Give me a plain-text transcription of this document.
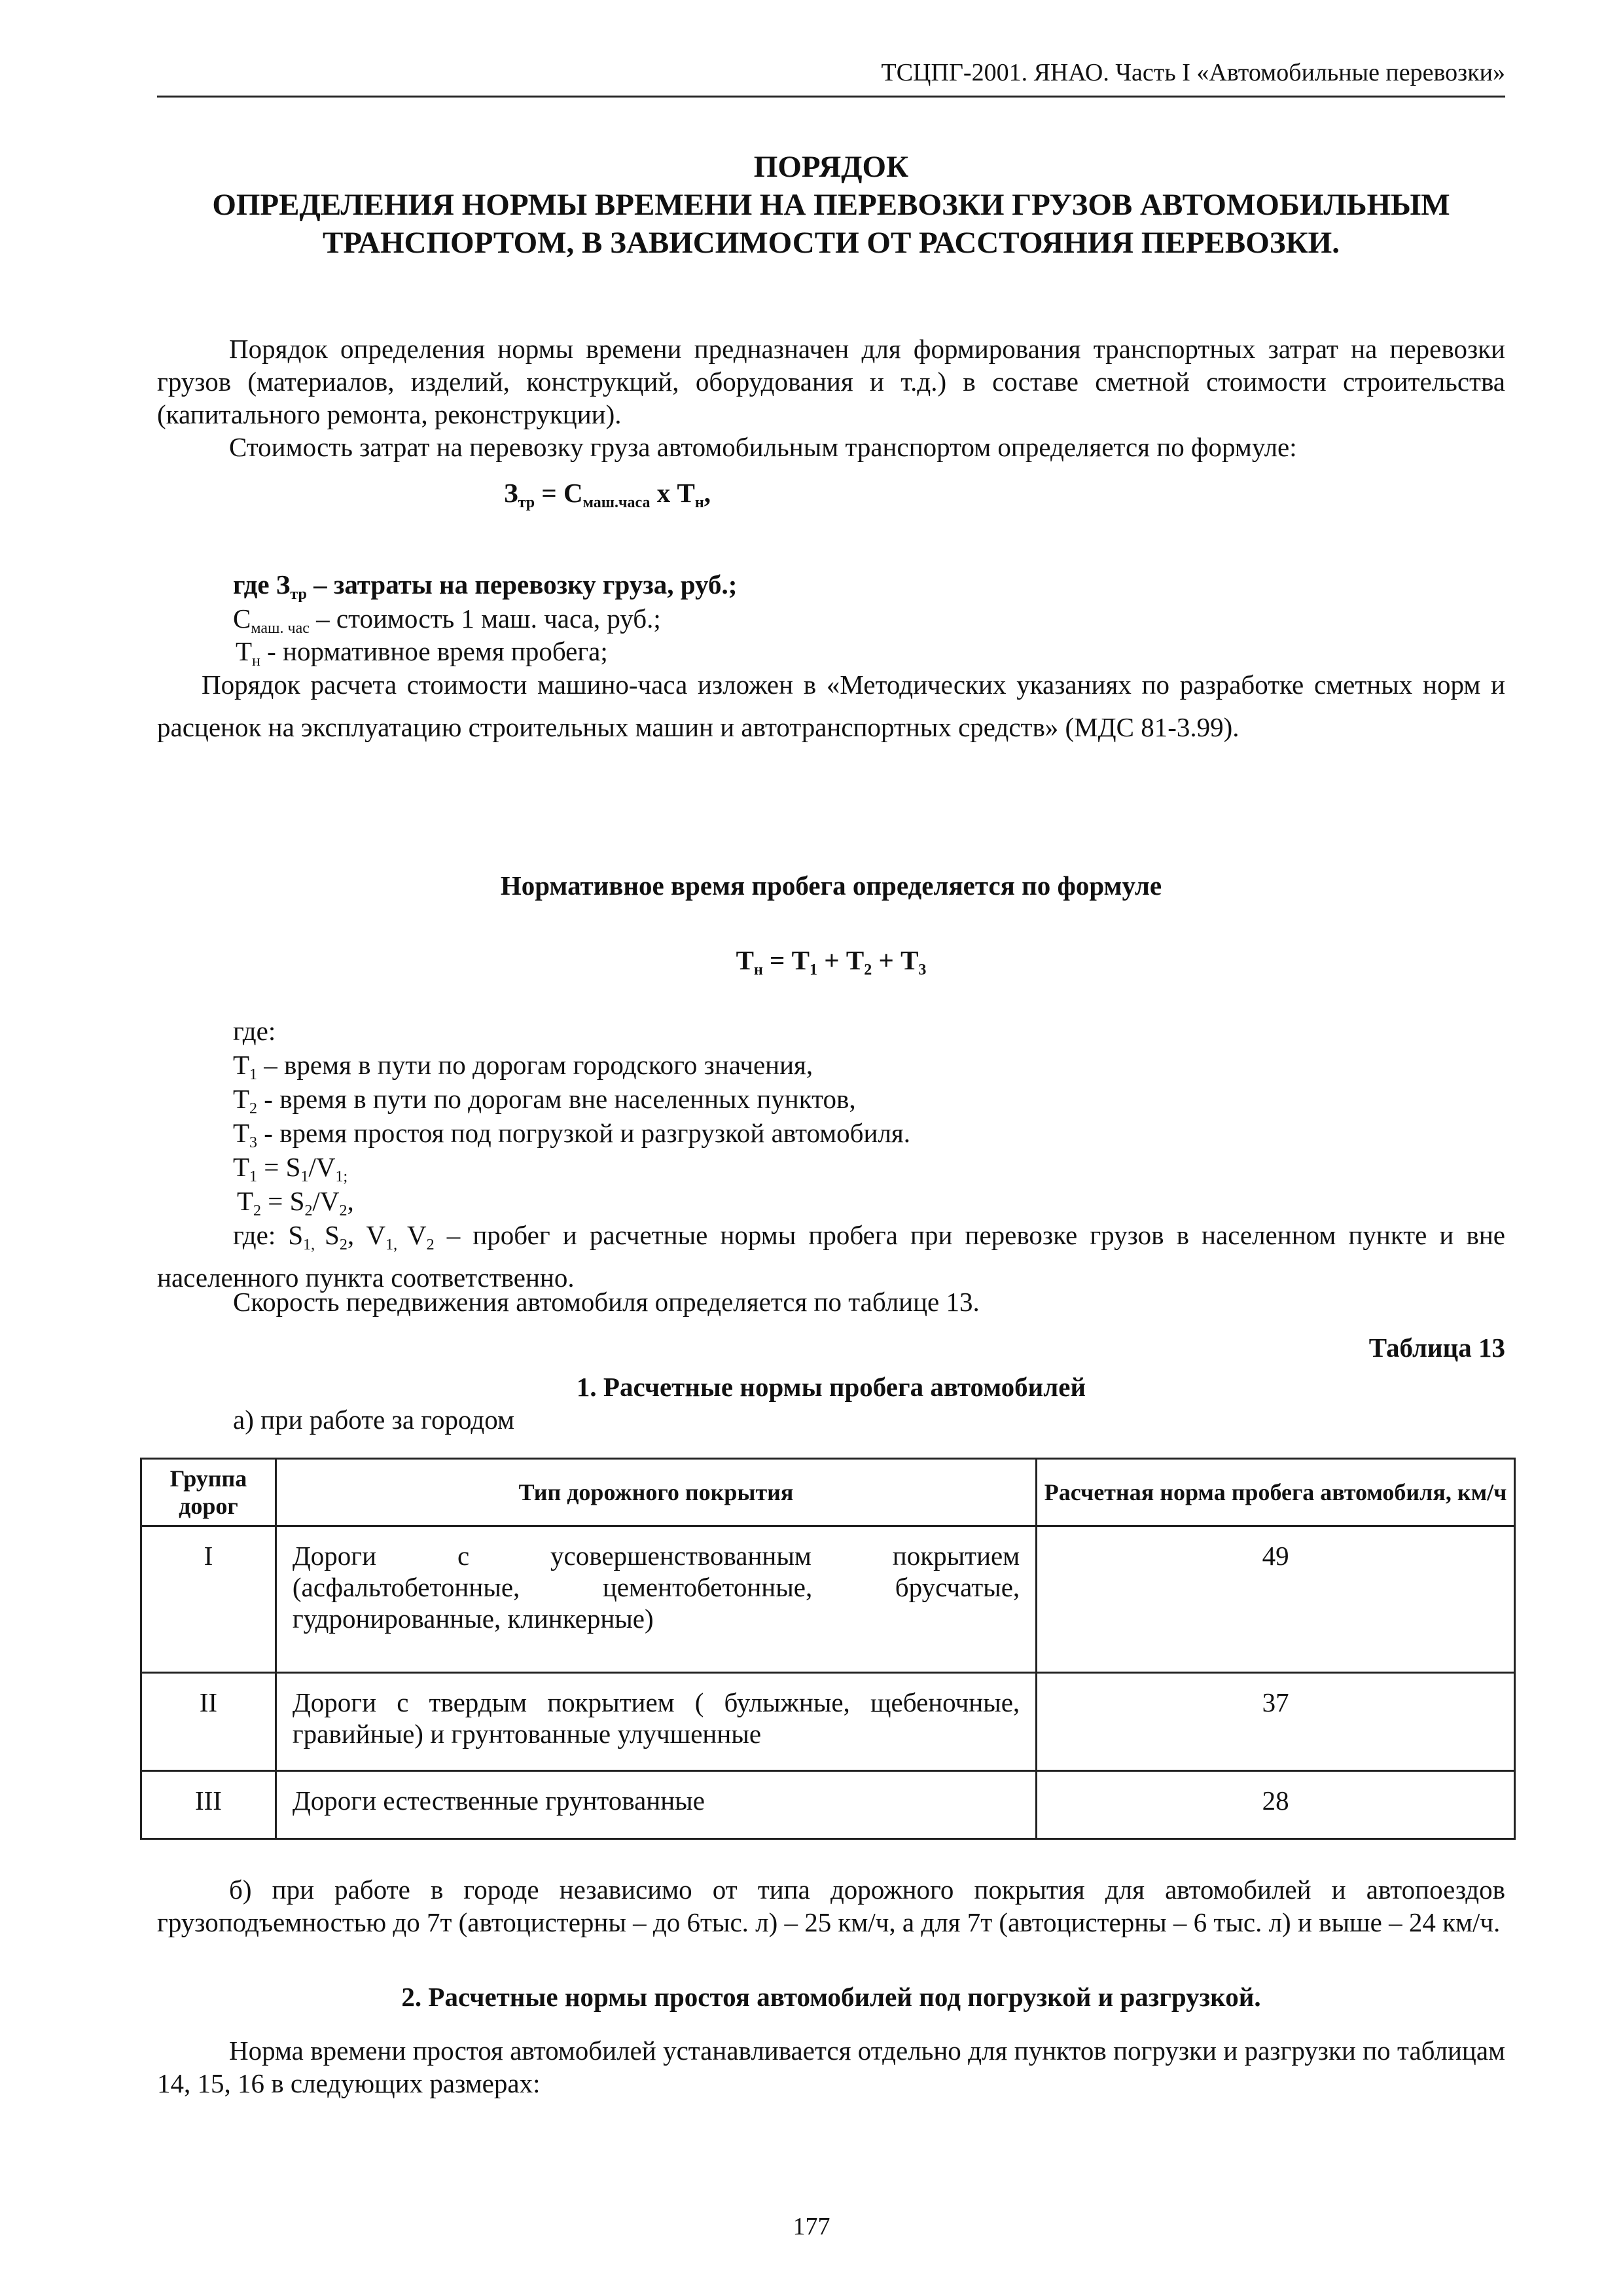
ТСЦПГ-2001. ЯНАО. Часть I «Автомобильные перевозки»
ПОРЯДОК
ОПРЕДЕЛЕНИЯ НОРМЫ ВРЕМЕНИ НА ПЕРЕВОЗКИ ГРУЗОВ АВТОМОБИЛЬНЫМ
ТРАНСПОРТОМ, В ЗАВИСИМОСТИ ОТ РАССТОЯНИЯ ПЕРЕВОЗКИ.
Порядок определения нормы времени предназначен для формирования транспортных затрат на перевозки грузов (материалов, изделий, конструкций, оборудования и т.д.) в составе сметной стоимости строительства (капитального ремонта, реконструкции).
Стоимость затрат на перевозку груза автомобильным транспортом определяется по формуле:
$З_{тр} = С_{маш.часа}$ х $Т_н$,
где $З_{тр}$ – затраты на перевозку груза, руб.;
$С_{маш. час}$ – стоимость 1 маш. часа, руб.;
$Т_н$ - нормативное время пробега;
Порядок расчета стоимости машино-часа изложен в «Методических указаниях по разработке сметных норм и расценок на эксплуатацию строительных машин и автотранспортных средств» (МДС 81-3.99).
Нормативное время пробега определяется по формуле
$Т_н = Т_1 + Т_2 + Т_3$
где:
$Т_1$ – время в пути по дорогам городского значения,
$Т_2$ - время в пути по дорогам вне населенных пунктов,
$Т_3$ - время простоя под погрузкой и разгрузкой автомобиля.
$Т_1 = S_1/V_{1;}$
$Т_2 = S_2/V_2$,
где: $S_{1,}$ $S_2$, $V_{1,}$ $V_2$ – пробег и расчетные нормы пробега при перевозке грузов в населенном пункте и вне населенного пункта соответственно.
Скорость передвижения автомобиля определяется по таблице 13.
Таблица 13
1. Расчетные нормы пробега автомобилей
а) при работе за городом
Группа дорог	Тип дорожного покрытия	Расчетная норма пробега автомобиля, км/ч
I	Дороги с усовершенствованным покрытием (асфальтобетонные, цементобетонные, брусчатые, гудронированные, клинкерные)	49
II	Дороги с твердым покрытием ( булыжные, щебеночные, гравийные) и грунтованные улучшенные	37
III	Дороги естественные грунтованные	28
б) при работе в городе независимо от типа дорожного покрытия для автомобилей и автопоездов грузоподъемностью до 7т (автоцистерны – до 6тыс. л) – 25 км/ч, а для 7т (автоцистерны – 6 тыс. л) и выше – 24 км/ч.
2. Расчетные нормы простоя автомобилей под погрузкой и разгрузкой.
Норма времени простоя автомобилей устанавливается отдельно для пунктов погрузки и разгрузки по таблицам 14, 15, 16 в следующих размерах:
177
